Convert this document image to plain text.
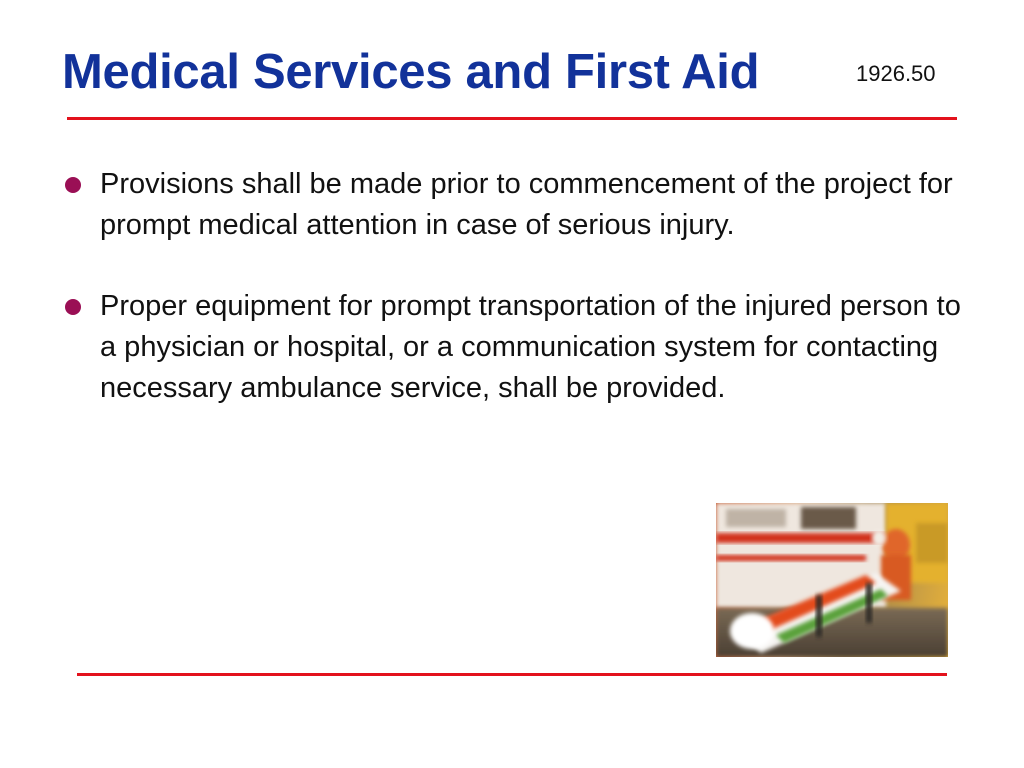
Medical Services and First Aid	1926.50
Provisions shall be made prior to commencement of the project for prompt medical attention in case of serious injury.
Proper equipment for prompt transportation of the injured person to a physician or hospital, or a communication system for contacting necessary ambulance service, shall be provided.
